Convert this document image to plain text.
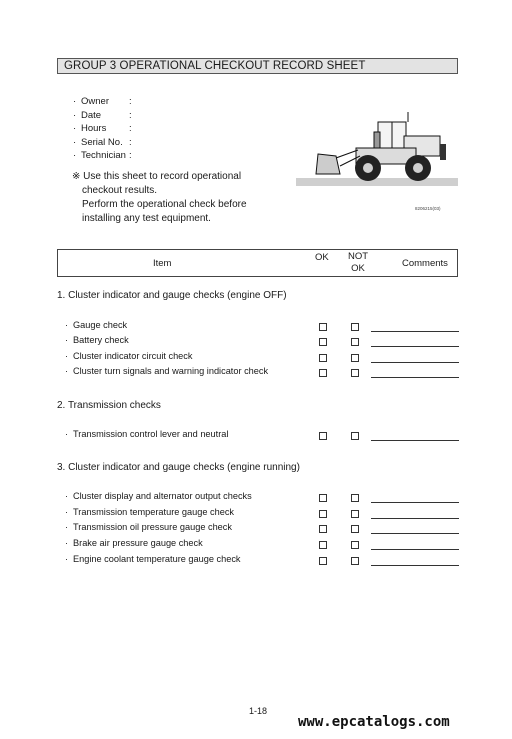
GROUP 3 OPERATIONAL CHECKOUT RECORD SHEET
· Owner :
· Date	:
· Hours :
· Serial No. :
· Technician :
※ Use this sheet to record operational
checkout results.
Perform the operational check before
installing any test equipment.
8206215(03)
Item
OK NOT
OK	Comments
1. Cluster indicator and gauge checks (engine OFF)
· Gauge check
· Battery check
· Cluster indicator circuit check
· Cluster turn signals and warning indicator check
2. Transmission checks
· Transmission control lever and neutral
3. Cluster indicator and gauge checks (engine running)
· Cluster display and alternator output checks
· Transmission temperature gauge check
· Transmission oil pressure gauge check
· Brake air pressure gauge check
· Engine coolant temperature gauge check
1-18
www.epcatalogs.com
